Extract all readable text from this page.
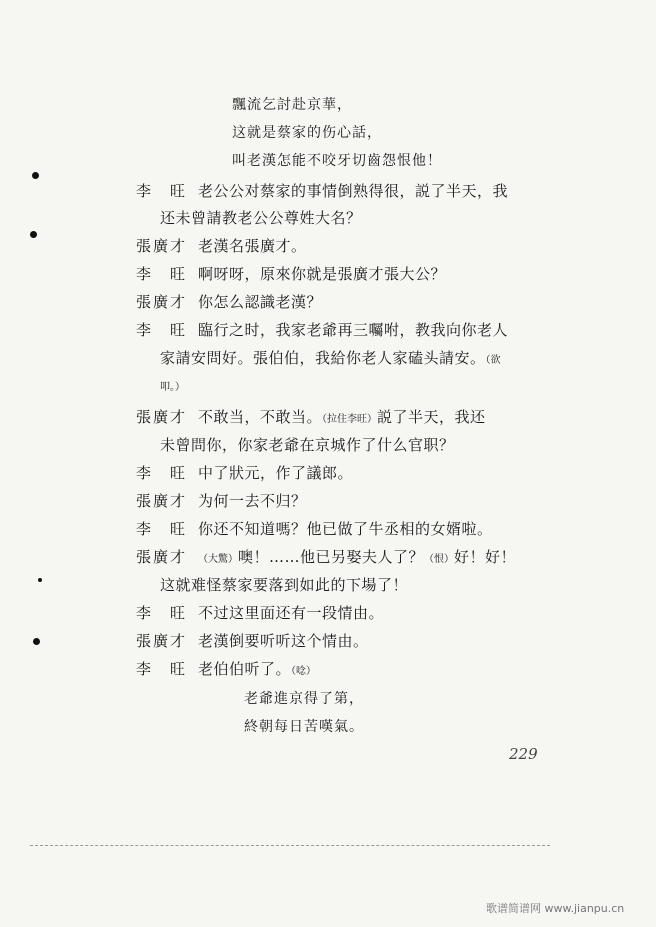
飄流乞討赴京華，
这就是蔡家的伤心話，
叫老漢怎能不咬牙切齒怨恨他！
李　旺 老公公对蔡家的事情倒熟得很，説了半天，我
还未曾請教老公公尊姓大名？
張廣才 老漢名張廣才。
李　旺 啊呀呀，原來你就是張廣才張大公？
張廣才 你怎么認識老漢？
李　旺 臨行之时，我家老爺再三囑咐，教我向你老人
家請安問好。張伯伯，我給你老人家磕头請安。（欲
叩。）
張廣才 不敢当，不敢当。（拉住李旺）説了半天，我还
未曾問你，你家老爺在京城作了什么官职？
李　旺 中了狀元，作了議郎。
張廣才 为何一去不归？
李　旺 你还不知道嗎？他已做了牛丞相的女婿啦。
張廣才 （大驚）噢！……他已另娶夫人了？（恨）好！好！
这就难怪蔡家要落到如此的下場了！
李　旺 不过这里面还有一段情由。
張廣才 老漢倒要听听这个情由。
李　旺 老伯伯听了。（唸）
老爺進京得了第，
終朝每日苦嘆氣。
229
歌谱简谱网 www.jianpu.cn
